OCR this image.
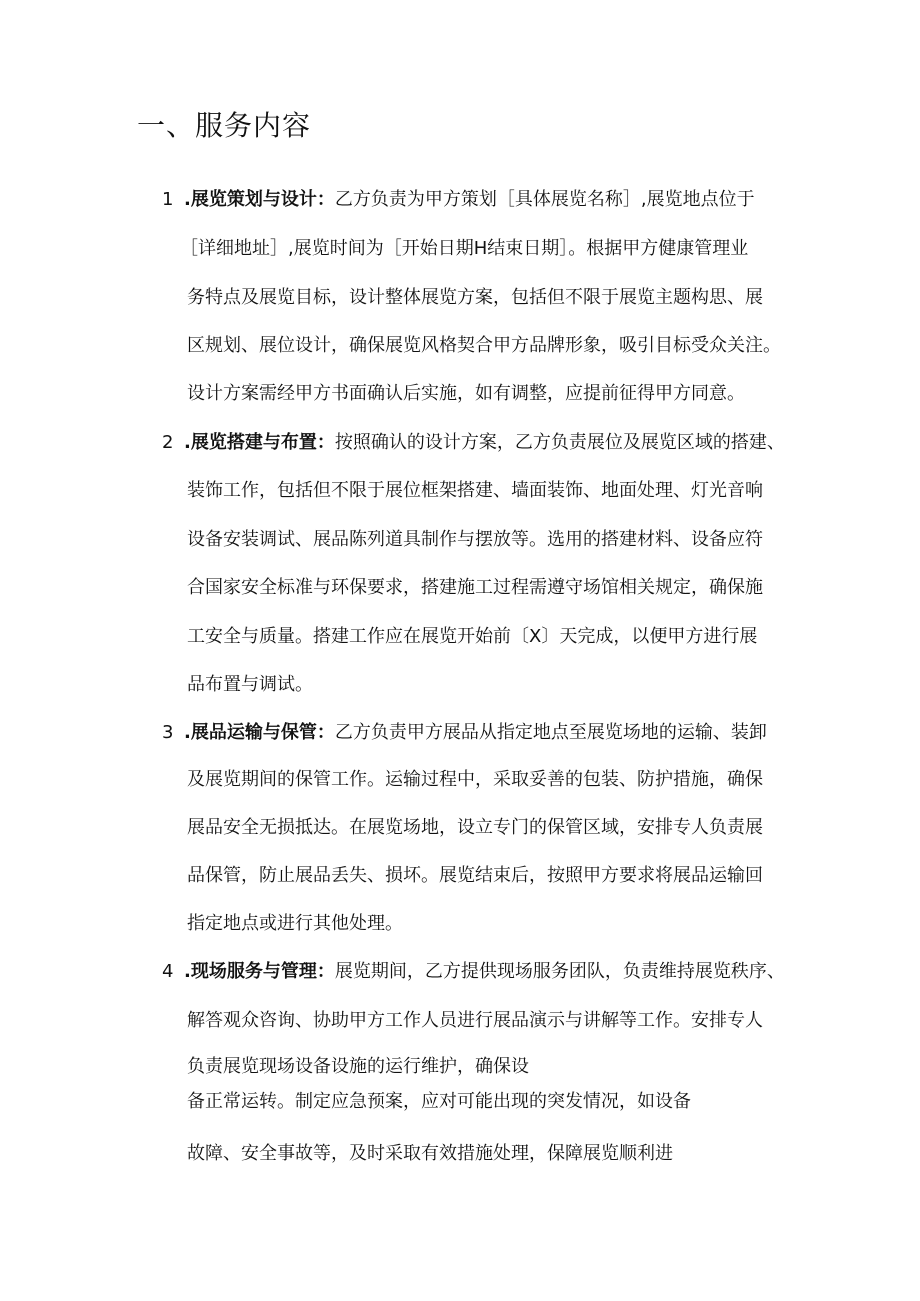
一、服务内容
1 .展览策划与设计：乙方负责为甲方策划［具体展览名称］,展览地点位于
［详细地址］,展览时间为［开始日期H结束日期］。根据甲方健康管理业
务特点及展览目标，设计整体展览方案，包括但不限于展览主题构思、展
区规划、展位设计，确保展览风格契合甲方品牌形象，吸引目标受众关注。
设计方案需经甲方书面确认后实施，如有调整，应提前征得甲方同意。
2 .展览搭建与布置：按照确认的设计方案，乙方负责展位及展览区域的搭建、
装饰工作，包括但不限于展位框架搭建、墙面装饰、地面处理、灯光音响
设备安装调试、展品陈列道具制作与摆放等。选用的搭建材料、设备应符
合国家安全标准与环保要求，搭建施工过程需遵守场馆相关规定，确保施
工安全与质量。搭建工作应在展览开始前〔X〕天完成，以便甲方进行展
品布置与调试。
3 .展品运输与保管：乙方负责甲方展品从指定地点至展览场地的运输、装卸
及展览期间的保管工作。运输过程中，采取妥善的包装、防护措施，确保
展品安全无损抵达。在展览场地，设立专门的保管区域，安排专人负责展
品保管，防止展品丢失、损坏。展览结束后，按照甲方要求将展品运输回
指定地点或进行其他处理。
4 .现场服务与管理：展览期间，乙方提供现场服务团队，负责维持展览秩序、
解答观众咨询、协助甲方工作人员进行展品演示与讲解等工作。安排专人
负责展览现场设备设施的运行维护，确保设
备正常运转。制定应急预案，应对可能出现的突发情况，如设备
故障、安全事故等，及时采取有效措施处理，保障展览顺利进
